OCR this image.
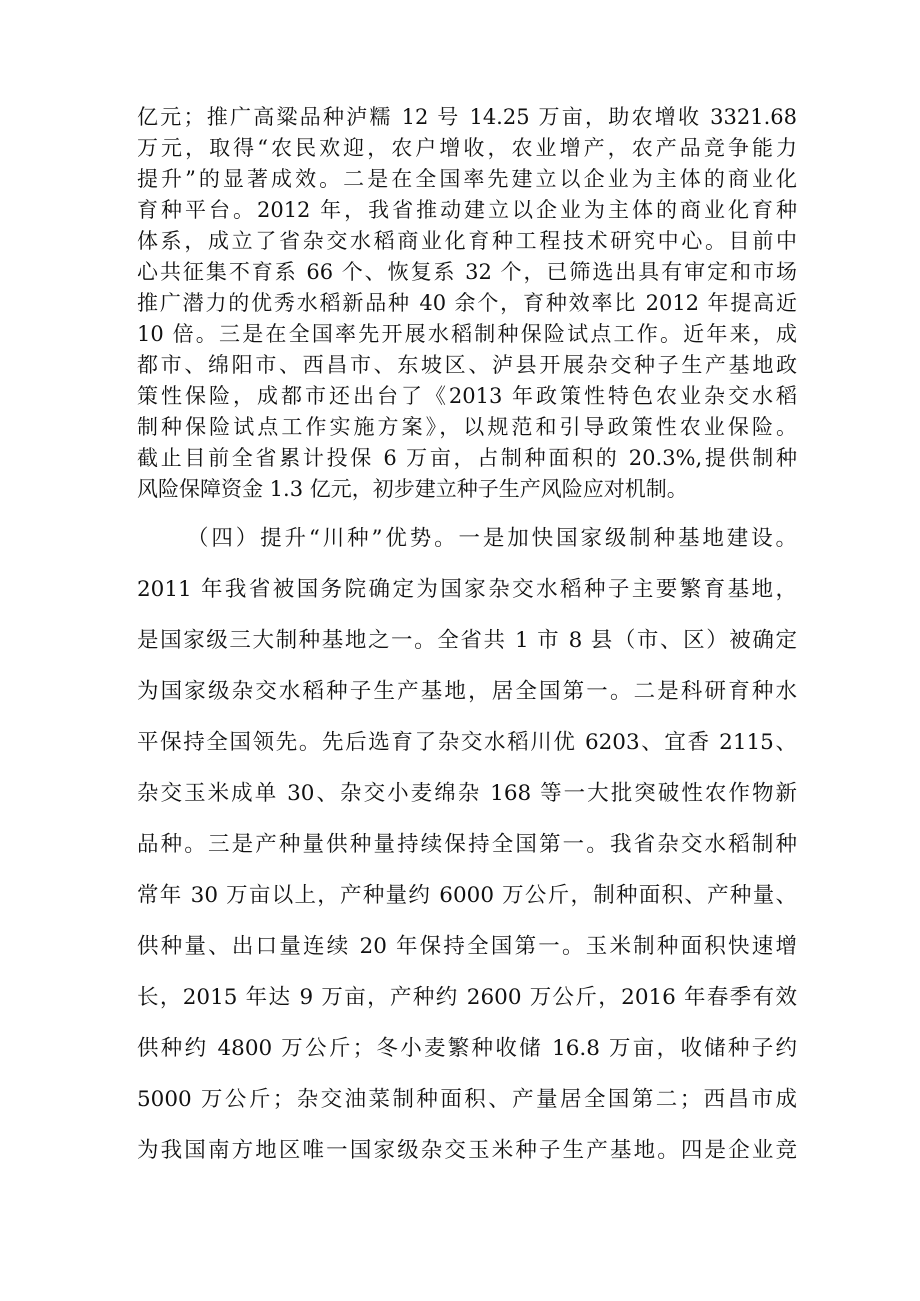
亿元；推广高粱品种泸糯 12 号 14.25 万亩，助农增收 3321.68
万元，取得“农民欢迎，农户增收，农业增产，农产品竞争能力
提升”的显著成效。二是在全国率先建立以企业为主体的商业化
育种平台。2012 年，我省推动建立以企业为主体的商业化育种
体系，成立了省杂交水稻商业化育种工程技术研究中心。目前中
心共征集不育系 66 个、恢复系 32 个，已筛选出具有审定和市场
推广潜力的优秀水稻新品种 40 余个，育种效率比 2012 年提高近
10 倍。三是在全国率先开展水稻制种保险试点工作。近年来，成
都市、绵阳市、西昌市、东坡区、泸县开展杂交种子生产基地政
策性保险，成都市还出台了《2013 年政策性特色农业杂交水稻
制种保险试点工作实施方案》，以规范和引导政策性农业保险。
截止目前全省累计投保 6 万亩，占制种面积的 20.3%,提供制种
风险保障资金 1.3 亿元，初步建立种子生产风险应对机制。
（四）提升“川种”优势。一是加快国家级制种基地建设。
2011 年我省被国务院确定为国家杂交水稻种子主要繁育基地，
是国家级三大制种基地之一。全省共 1 市 8 县（市、区）被确定
为国家级杂交水稻种子生产基地，居全国第一。二是科研育种水
平保持全国领先。先后选育了杂交水稻川优 6203、宜香 2115、
杂交玉米成单 30、杂交小麦绵杂 168 等一大批突破性农作物新
品种。三是产种量供种量持续保持全国第一。我省杂交水稻制种
常年 30 万亩以上，产种量约 6000 万公斤，制种面积、产种量、
供种量、出口量连续 20 年保持全国第一。玉米制种面积快速增
长，2015 年达 9 万亩，产种约 2600 万公斤，2016 年春季有效
供种约 4800 万公斤；冬小麦繁种收储 16.8 万亩，收储种子约
5000 万公斤；杂交油菜制种面积、产量居全国第二；西昌市成
为我国南方地区唯一国家级杂交玉米种子生产基地。四是企业竞
